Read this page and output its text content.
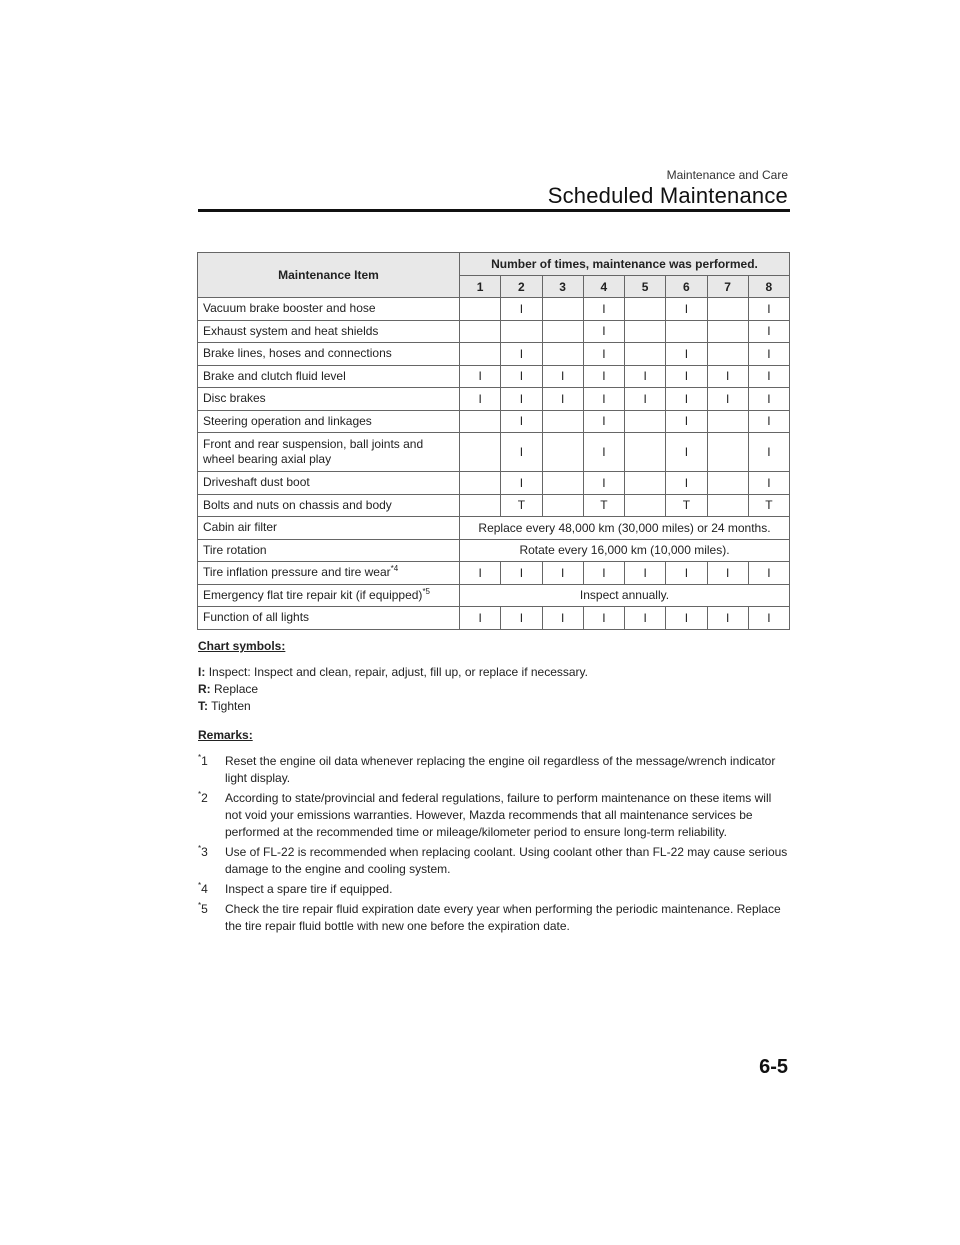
Maintenance and Care
Scheduled Maintenance
Maintenance Item	Number of times, maintenance was performed.							
	1	2	3	4	5	6	7	8
Vacuum brake booster and hose		I		I		I		I
Exhaust system and heat shields				I				I
Brake lines, hoses and connections		I		I		I		I
Brake and clutch fluid level	I	I	I	I	I	I	I	I
Disc brakes	I	I	I	I	I	I	I	I
Steering operation and linkages		I		I		I		I
Front and rear suspension, ball joints and wheel bearing axial play		I		I		I		I
Driveshaft dust boot		I		I		I		I
Bolts and nuts on chassis and body		T		T		T		T
Cabin air filter	Replace every 48,000 km (30,000 miles) or 24 months.							
Tire rotation	Rotate every 16,000 km (10,000 miles).							
Tire inflation pressure and tire wear$^{*4}$	I	I	I	I	I	I	I	I
Emergency flat tire repair kit (if equipped)$^{*5}$	Inspect annually.							
Function of all lights	I	I	I	I	I	I	I	I

Chart symbols:

I: Inspect: Inspect and clean, repair, adjust, fill up, or replace if necessary.

R: Replace

T: Tighten

Remarks:

*1	Reset the engine oil data whenever replacing the engine oil regardless of the message/wrench indicator light display.
*2	According to state/provincial and federal regulations, failure to perform maintenance on these items will not void your emissions warranties. However, Mazda recommends that all maintenance services be performed at the recommended time or mileage/kilometer period to ensure long-term reliability.
*3	Use of FL-22 is recommended when replacing coolant. Using coolant other than FL-22 may cause serious damage to the engine and cooling system.
*4	Inspect a spare tire if equipped.
*5	Check the tire repair fluid expiration date every year when performing the periodic maintenance. Replace the tire repair fluid bottle with new one before the expiration date.
6-5
